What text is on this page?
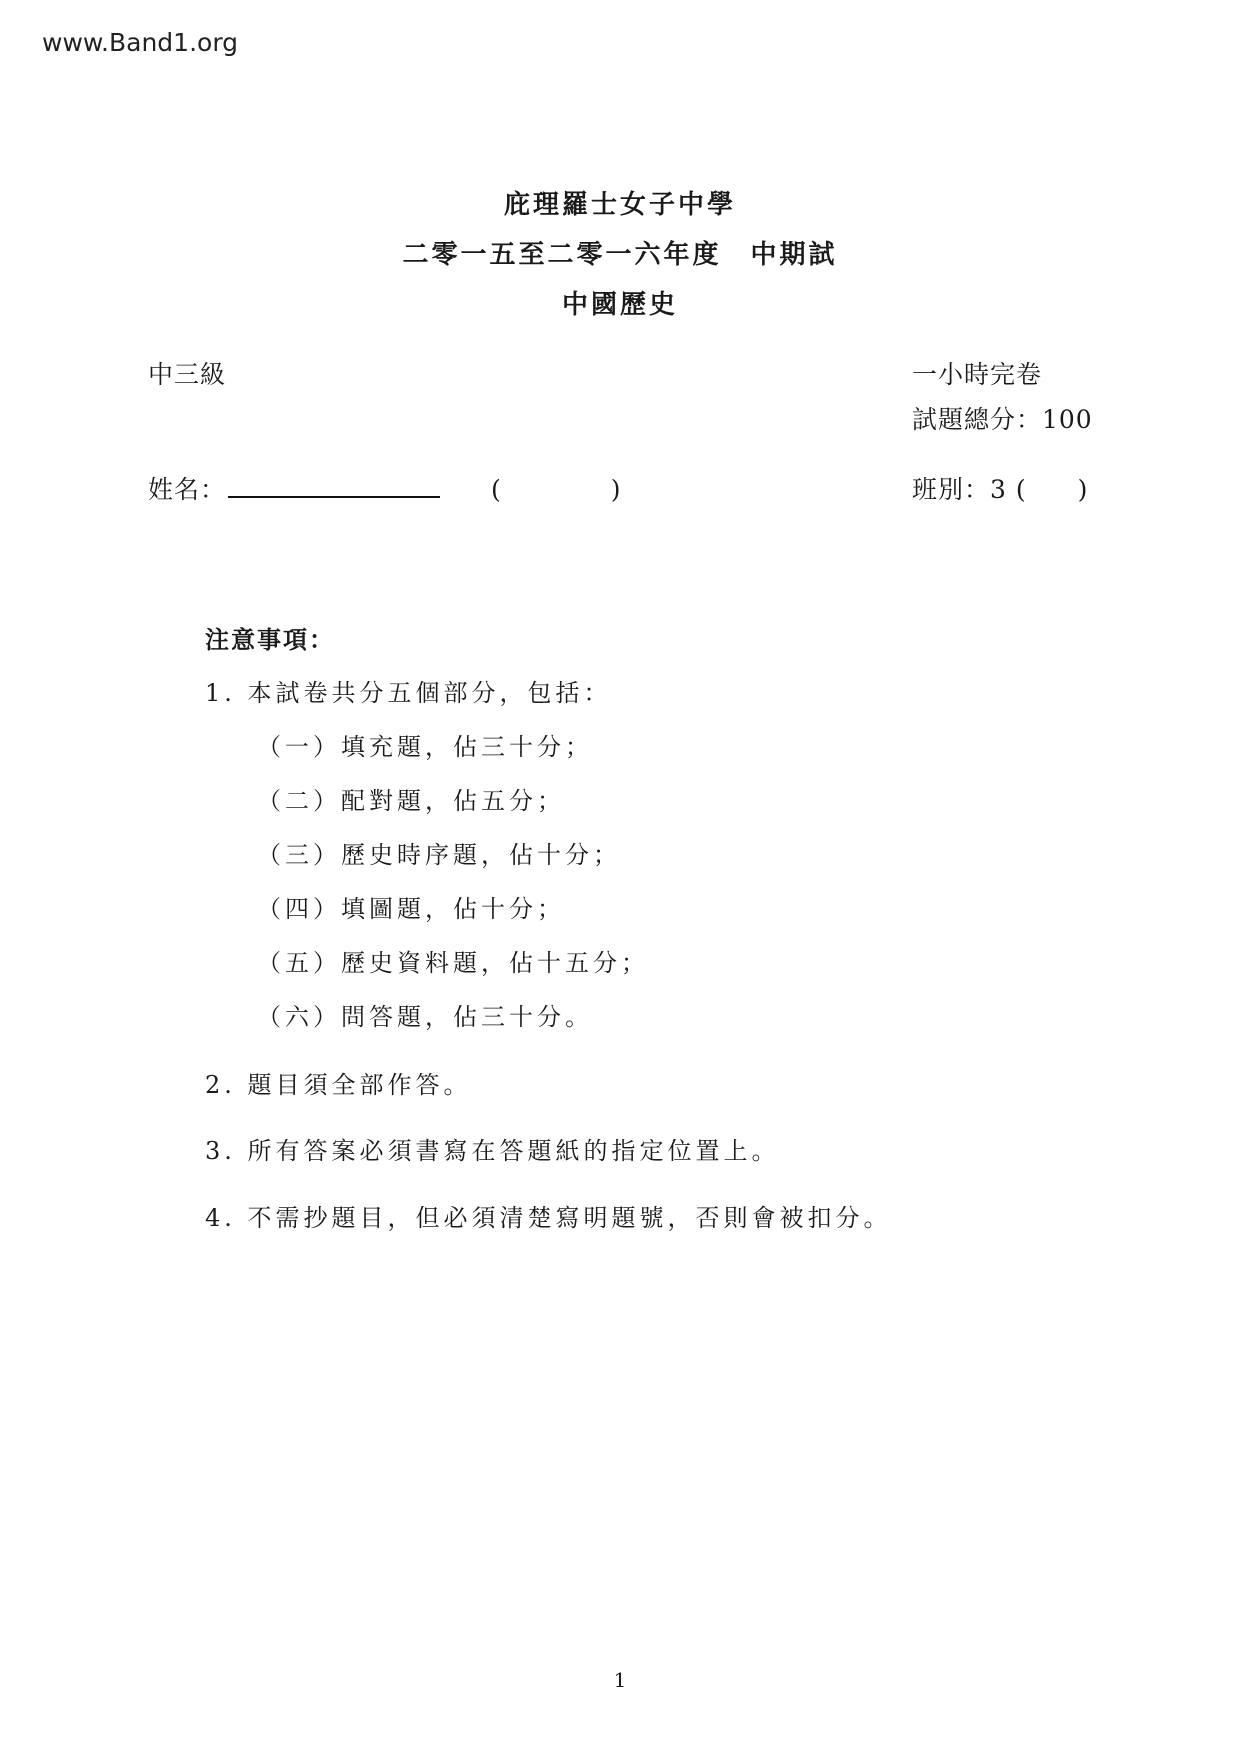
www.Band1.org
庇理羅士女子中學
二零一五至二零一六年度　中期試
中國歷史
中三級	一小時完卷
試題總分：100
姓名：	(	)	班別：3 ( )
注意事項：
1. 本試卷共分五個部分，包括：
（一）填充題，佔三十分；
（二）配對題，佔五分；
（三）歷史時序題，佔十分；
（四）填圖題，佔十分；
（五）歷史資料題，佔十五分；
（六）問答題，佔三十分。
2. 題目須全部作答。
3. 所有答案必須書寫在答題紙的指定位置上。
4. 不需抄題目，但必須清楚寫明題號，否則會被扣分。
1
